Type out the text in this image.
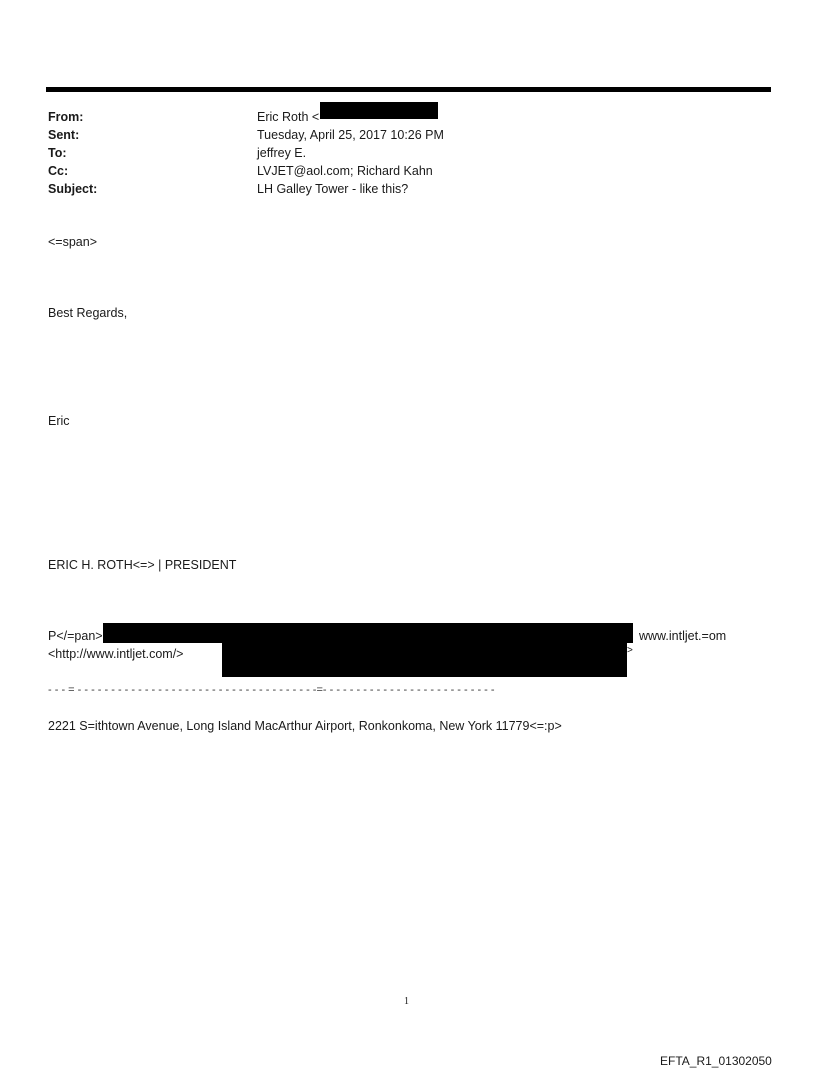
From:	Eric Roth <
Sent:	Tuesday, April 25, 2017 10:26 PM
To:	jeffrey E.
Cc:	LVJET@aol.com; Richard Kahn
Subject:	LH Galley Tower - like this?
<=span>
Best Regards,
Eric
ERIC H. ROTH<=> | PRESIDENT
P</=pan>	www.intljet.=om
<http://www.intljet.com/>	>
- - - = - - - - - - - - - - - - - - - - - - - - - - - - - - - - - - - - - - - -=- - - - - - - - - - - - - - - - - - - - - - - - - -
2221 S=ithtown Avenue, Long Island MacArthur Airport, Ronkonkoma, New York 11779<=:p>
1
EFTA_R1_01302050
